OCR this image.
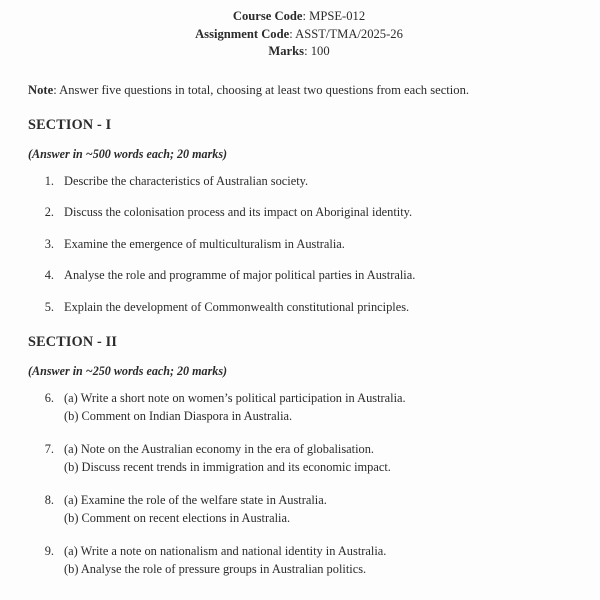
Course Code: MPSE-012
Assignment Code: ASST/TMA/2025-26
Marks: 100
Note: Answer five questions in total, choosing at least two questions from each section.
SECTION - I
(Answer in ~500 words each; 20 marks)
1. Describe the characteristics of Australian society.
2. Discuss the colonisation process and its impact on Aboriginal identity.
3. Examine the emergence of multiculturalism in Australia.
4. Analyse the role and programme of major political parties in Australia.
5. Explain the development of Commonwealth constitutional principles.
SECTION - II
(Answer in ~250 words each; 20 marks)
6. (a) Write a short note on women’s political participation in Australia.
(b) Comment on Indian Diaspora in Australia.
7. (a) Note on the Australian economy in the era of globalisation.
(b) Discuss recent trends in immigration and its economic impact.
8. (a) Examine the role of the welfare state in Australia.
(b) Comment on recent elections in Australia.
9. (a) Write a note on nationalism and national identity in Australia.
(b) Analyse the role of pressure groups in Australian politics.
